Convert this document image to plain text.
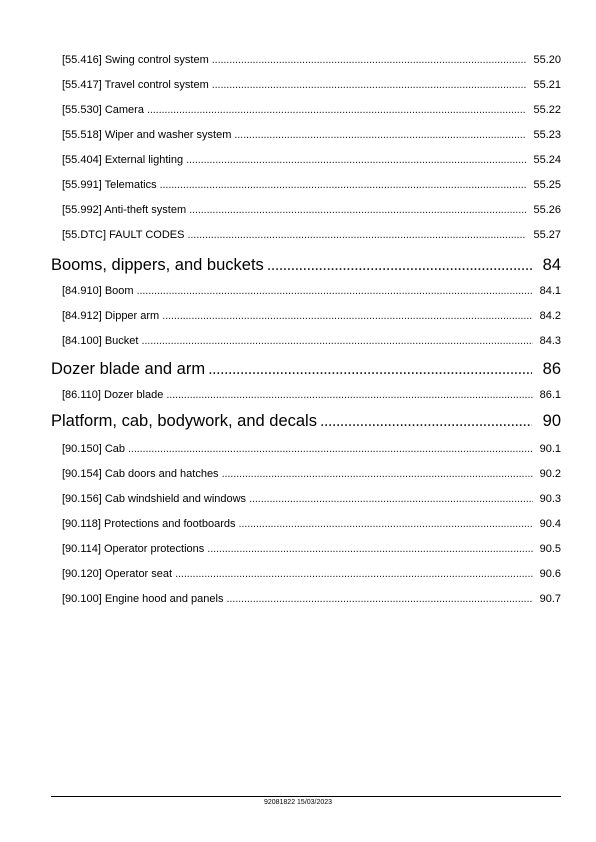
[55.416] Swing control system . . .	55.20
[55.417] Travel control system . . .	55.21
[55.530] Camera . . .	55.22
[55.518] Wiper and washer system . . .	55.23
[55.404] External lighting . . .	55.24
[55.991] Telematics . . .	55.25
[55.992] Anti-theft system . . .	55.26
[55.DTC] FAULT CODES . . .	55.27
Booms, dippers, and buckets . . .	84
[84.910] Boom . . .	84.1
[84.912] Dipper arm . . .	84.2
[84.100] Bucket . . .	84.3
Dozer blade and arm . . .	86
[86.110] Dozer blade . . .	86.1
Platform, cab, bodywork, and decals . . .	90
[90.150] Cab . . .	90.1
[90.154] Cab doors and hatches . . .	90.2
[90.156] Cab windshield and windows . . .	90.3
[90.118] Protections and footboards . . .	90.4
[90.114] Operator protections . . .	90.5
[90.120] Operator seat . . .	90.6
[90.100] Engine hood and panels . . .	90.7
92081822 15/03/2023
